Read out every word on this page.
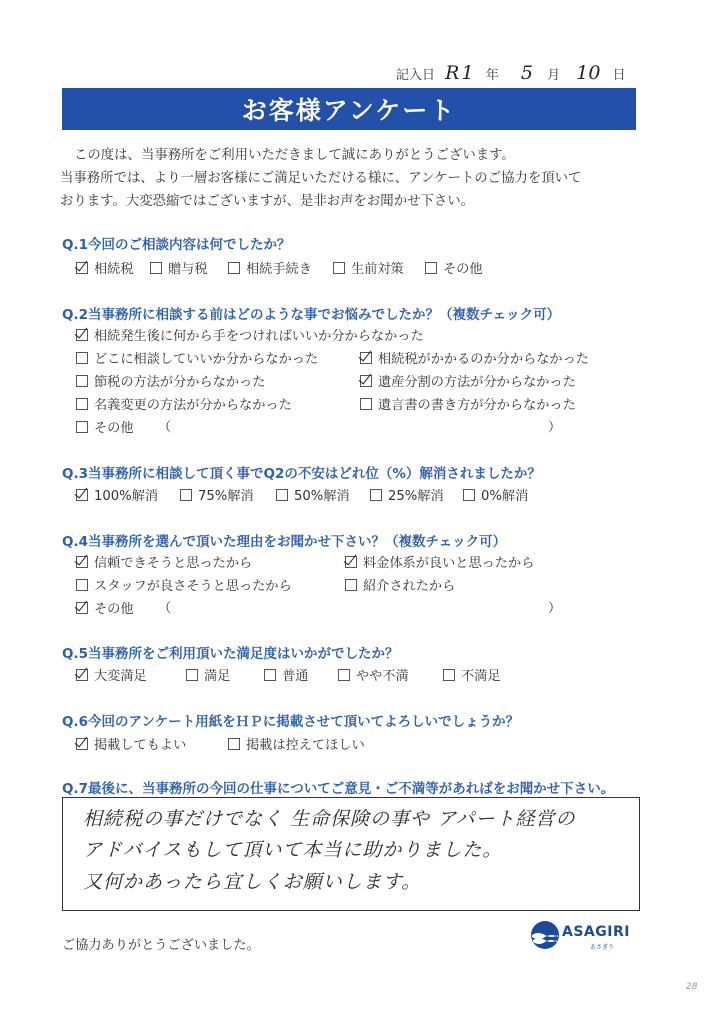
記入日 R 1 年 5 月 10 日
お客様アンケート
この度は、当事務所をご利用いただきまして誠にありがとうございます。
当事務所では、より一層お客様にご満足いただける様に、アンケートのご協力を頂いて
おります。大変恐縮ではございますが、是非お声をお聞かせ下さい。
Q.1今回のご相談内容は何でしたか？
相続税	贈与税	相続手続き	生前対策	その他
Q.2当事務所に相談する前はどのような事でお悩みでしたか？（複数チェック可）
相続発生後に何から手をつければいいか分からなかった
どこに相談していいか分からなかった	相続税がかかるのか分からなかった
節税の方法が分からなかった	遺産分割の方法が分からなかった
名義変更の方法が分からなかった	遺言書の書き方が分からなかった
その他 （	）
Q.3当事務所に相談して頂く事でQ2の不安はどれ位（%）解消されましたか？
100%解消	75%解消	50%解消	25%解消	0%解消
Q.4当事務所を選んで頂いた理由をお聞かせ下さい？（複数チェック可）
信頼できそうと思ったから	料金体系が良いと思ったから
スタッフが良さそうと思ったから	紹介されたから
その他 （	）
Q.5当事務所をご利用頂いた満足度はいかがでしたか？
大変満足	満足	普通	やや不満	不満足
Q.6今回のアンケート用紙をＨＰに掲載させて頂いてよろしいでしょうか？
掲載してもよい	掲載は控えてほしい
Q.7最後に、当事務所の今回の仕事についてご意見・ご不満等があればをお聞かせ下さい。
相続税の事だけでなく 生命保険の事や アパート経営の
アドバイスもして頂いて本当に助かりました。
又何かあったら宜しくお願いします。
ご協力ありがとうございました。
ASAGIRI
あさぎり
28
